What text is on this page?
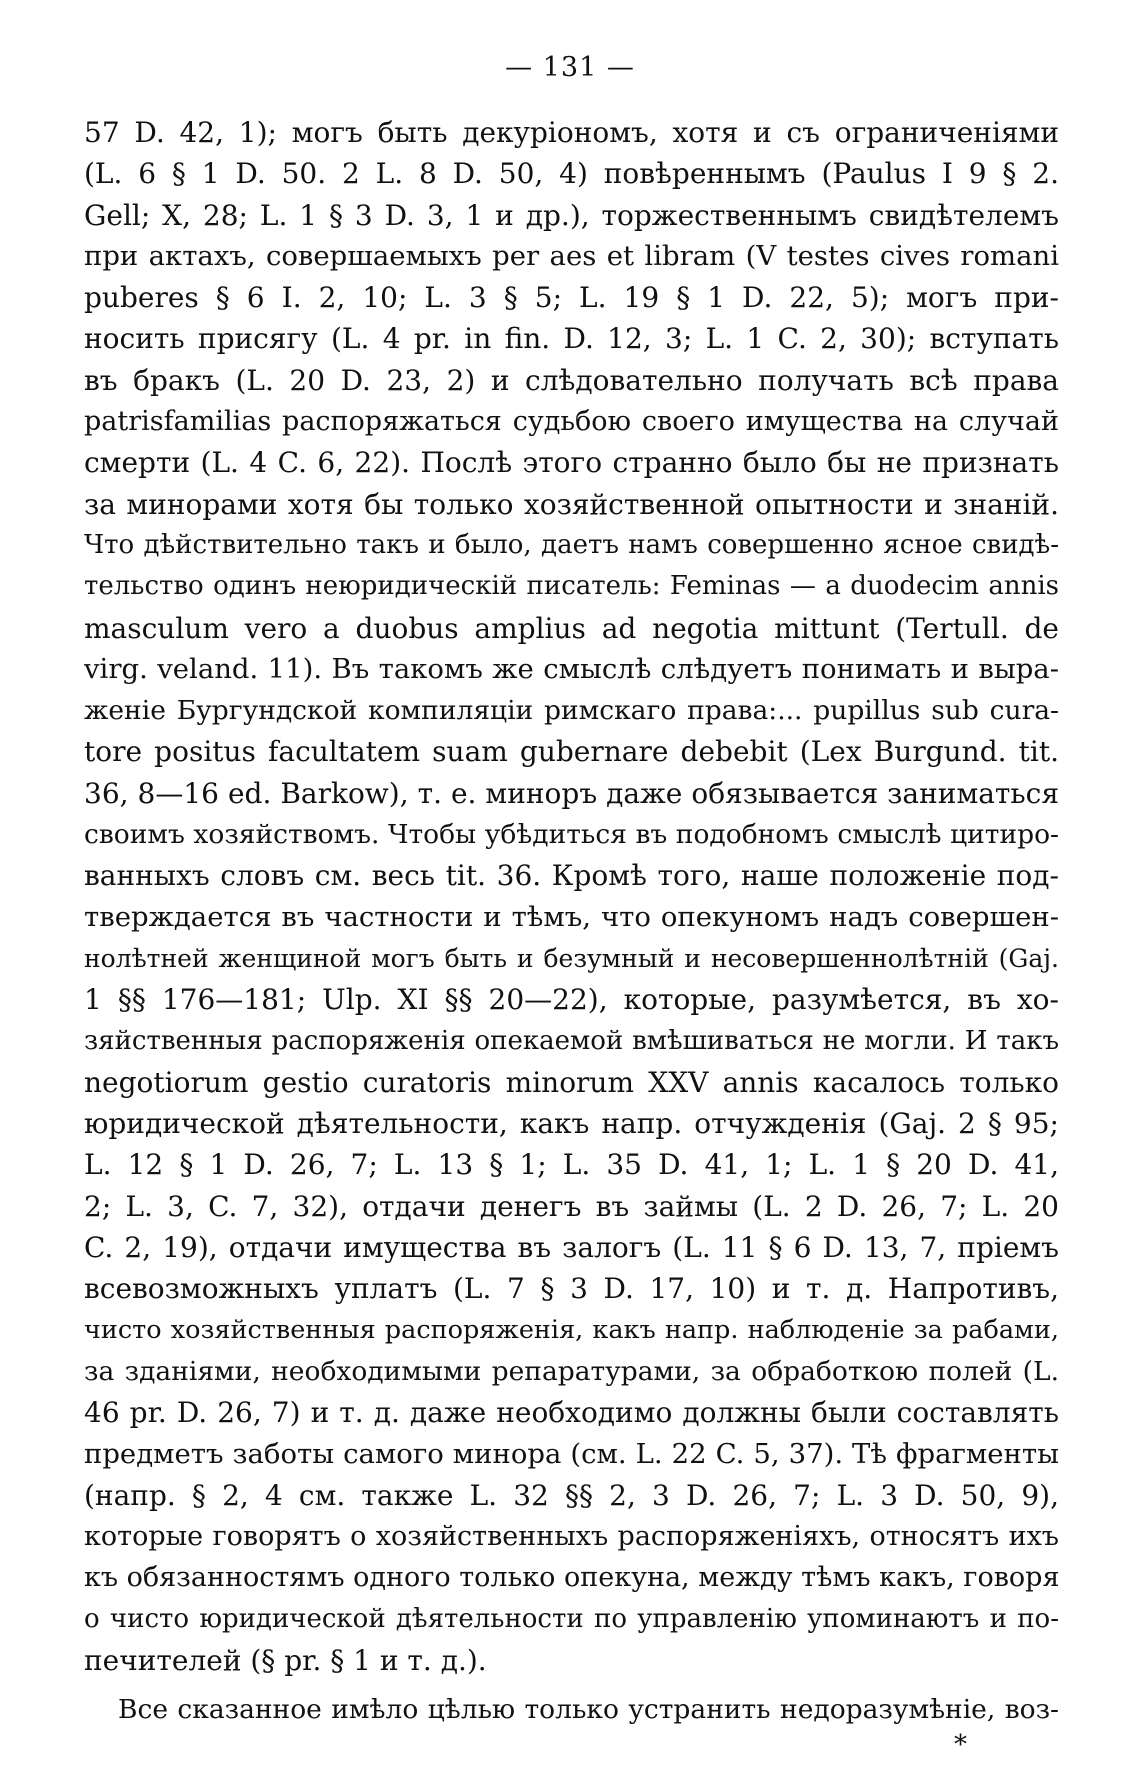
— 131 —
57 D. 42, 1); могъ быть декуріономъ, хотя и съ ограниченіями
(L. 6 § 1 D. 50. 2 L. 8 D. 50, 4) повѣреннымъ (Paulus I 9 § 2.
Gell; X, 28; L. 1 § 3 D. 3, 1 и др.), торжественнымъ свидѣтелемъ
при актахъ, совершаемыхъ per aes et libram (V testes cives romani
puberes § 6 I. 2, 10; L. 3 § 5; L. 19 § 1 D. 22, 5); могъ при-
носить присягу (L. 4 pr. in fin. D. 12, 3; L. 1 C. 2, 30); вступать
въ бракъ (L. 20 D. 23, 2) и слѣдовательно получать всѣ права
patrisfamilias распоряжаться судьбою своего имущества на случай
смерти (L. 4 C. 6, 22). Послѣ этого странно было бы не признать
за минорами хотя бы только хозяйственной опытности и знаній.
Что дѣйствительно такъ и было, даетъ намъ совершенно ясное свидѣ-
тельство одинъ неюридическій писатель: Feminas — a duodecim annis
masculum vero a duobus amplius ad negotia mittunt (Tertull. de
virg. veland. 11). Въ такомъ же смыслѣ слѣдуетъ понимать и выра-
женіе Бургундской компиляціи римскаго права:... pupillus sub cura-
tore positus facultatem suam gubernare debebit (Lex Burgund. tit.
36, 8—16 ed. Barkow), т. е. миноръ даже обязывается заниматься
своимъ хозяйствомъ. Чтобы убѣдиться въ подобномъ смыслѣ цитиро-
ванныхъ словъ см. весь tit. 36. Кромѣ того, наше положеніе под-
тверждается въ частности и тѣмъ, что опекуномъ надъ совершен-
нолѣтней женщиной могъ быть и безумный и несовершеннолѣтній (Gaj.
1 §§ 176—181; Ulp. XI §§ 20—22), которые, разумѣется, въ хо-
зяйственныя распоряженія опекаемой вмѣшиваться не могли. И такъ
negotiorum gestio curatoris minorum XXV annis касалось только
юридической дѣятельности, какъ напр. отчужденія (Gaj. 2 § 95;
L. 12 § 1 D. 26, 7; L. 13 § 1; L. 35 D. 41, 1; L. 1 § 20 D. 41,
2; L. 3, C. 7, 32), отдачи денегъ въ займы (L. 2 D. 26, 7; L. 20
C. 2, 19), отдачи имущества въ залогъ (L. 11 § 6 D. 13, 7, пріемъ
всевозможныхъ уплатъ (L. 7 § 3 D. 17, 10) и т. д. Напротивъ,
чисто хозяйственныя распоряженія, какъ напр. наблюденіе за рабами,
за зданіями, необходимыми репаратурами, за обработкою полей (L.
46 pr. D. 26, 7) и т. д. даже необходимо должны были составлять
предметъ заботы самого минора (см. L. 22 C. 5, 37). Тѣ фрагменты
(напр. § 2, 4 см. также L. 32 §§ 2, 3 D. 26, 7; L. 3 D. 50, 9),
которые говорятъ о хозяйственныхъ распоряженіяхъ, относятъ ихъ
къ обязанностямъ одного только опекуна, между тѣмъ какъ, говоря
о чисто юридической дѣятельности по управленію упоминаютъ и по-
печителей (§ pr. § 1 и т. д.).
Все сказанное имѣло цѣлью только устранить недоразумѣніе, воз-
*
